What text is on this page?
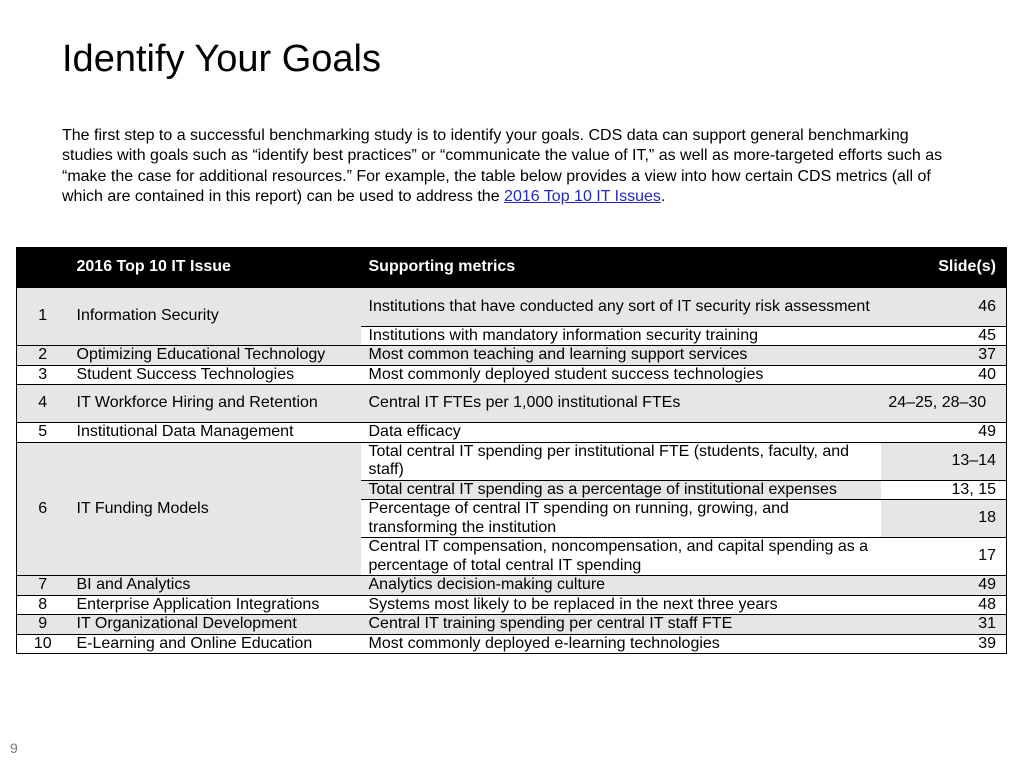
Identify Your Goals

The first step to a successful benchmarking study is to identify your goals. CDS data can support general benchmarking studies with goals such as “identify best practices” or “communicate the value of IT,” as well as more-targeted efforts such as “make the case for additional resources.” For example, the table below provides a view into how certain CDS metrics (all of which are contained in this report) can be used to address the 2016 Top 10 IT Issues.

	2016 Top 10 IT Issue	Supporting metrics	Slide(s)
1	Information Security	Institutions that have conducted any sort of IT security risk assessment	46
		Institutions with mandatory information security training	45
2	Optimizing Educational Technology	Most common teaching and learning support services	37
3	Student Success Technologies	Most commonly deployed student success technologies	40
4	IT Workforce Hiring and Retention	Central IT FTEs per 1,000 institutional FTEs	24–25, 28–30
5	Institutional Data Management	Data efficacy	49
6	IT Funding Models	Total central IT spending per institutional FTE (students, faculty, and staff)	13–14
		Total central IT spending as a percentage of institutional expenses	13, 15
		Percentage of central IT spending on running, growing, and transforming the institution	18
		Central IT compensation, noncompensation, and capital spending as a percentage of total central IT spending	17
7	BI and Analytics	Analytics decision-making culture	49
8	Enterprise Application Integrations	Systems most likely to be replaced in the next three years	48
9	IT Organizational Development	Central IT training spending per central IT staff FTE	31
10	E-Learning and Online Education	Most commonly deployed e-learning technologies	39
9
